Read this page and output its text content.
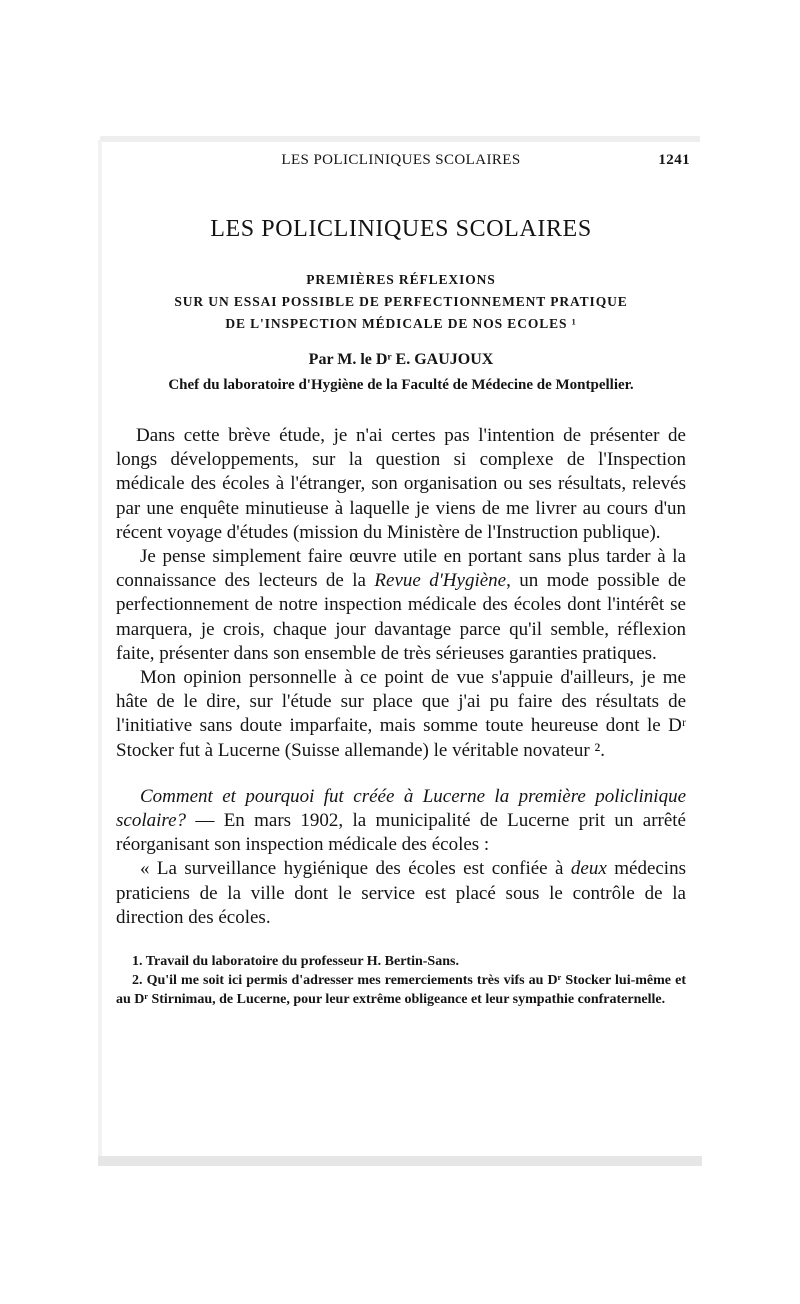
LES POLICLINIQUES SCOLAIRES	1241
LES POLICLINIQUES SCOLAIRES
PREMIÈRES RÉFLEXIONS
SUR UN ESSAI POSSIBLE DE PERFECTIONNEMENT PRATIQUE
DE L'INSPECTION MÉDICALE DE NOS ECOLES ¹
Par M. le Dʳ E. GAUJOUX
Chef du laboratoire d'Hygiène de la Faculté de Médecine de Montpellier.

Dans cette brève étude, je n'ai certes pas l'intention de présenter de longs développements, sur la question si complexe de l'Inspection médicale des écoles à l'étranger, son organisation ou ses résultats, relevés par une enquête minutieuse à laquelle je viens de me livrer au cours d'un récent voyage d'études (mission du Ministère de l'Instruction publique).

Je pense simplement faire œuvre utile en portant sans plus tarder à la connaissance des lecteurs de la Revue d'Hygiène, un mode possible de perfectionnement de notre inspection médicale des écoles dont l'intérêt se marquera, je crois, chaque jour davantage parce qu'il semble, réflexion faite, présenter dans son ensemble de très sérieuses garanties pratiques.

Mon opinion personnelle à ce point de vue s'appuie d'ailleurs, je me hâte de le dire, sur l'étude sur place que j'ai pu faire des résultats de l'initiative sans doute imparfaite, mais somme toute heureuse dont le Dʳ Stocker fut à Lucerne (Suisse allemande) le véritable novateur ².

Comment et pourquoi fut créée à Lucerne la première policlinique scolaire? — En mars 1902, la municipalité de Lucerne prit un arrêté réorganisant son inspection médicale des écoles :

« La surveillance hygiénique des écoles est confiée à deux médecins praticiens de la ville dont le service est placé sous le contrôle de la direction des écoles.

1. Travail du laboratoire du professeur H. Bertin-Sans.

2. Qu'il me soit ici permis d'adresser mes remerciements très vifs au Dʳ Stocker lui-même et au Dʳ Stirnimau, de Lucerne, pour leur extrême obligeance et leur sympathie confraternelle.
